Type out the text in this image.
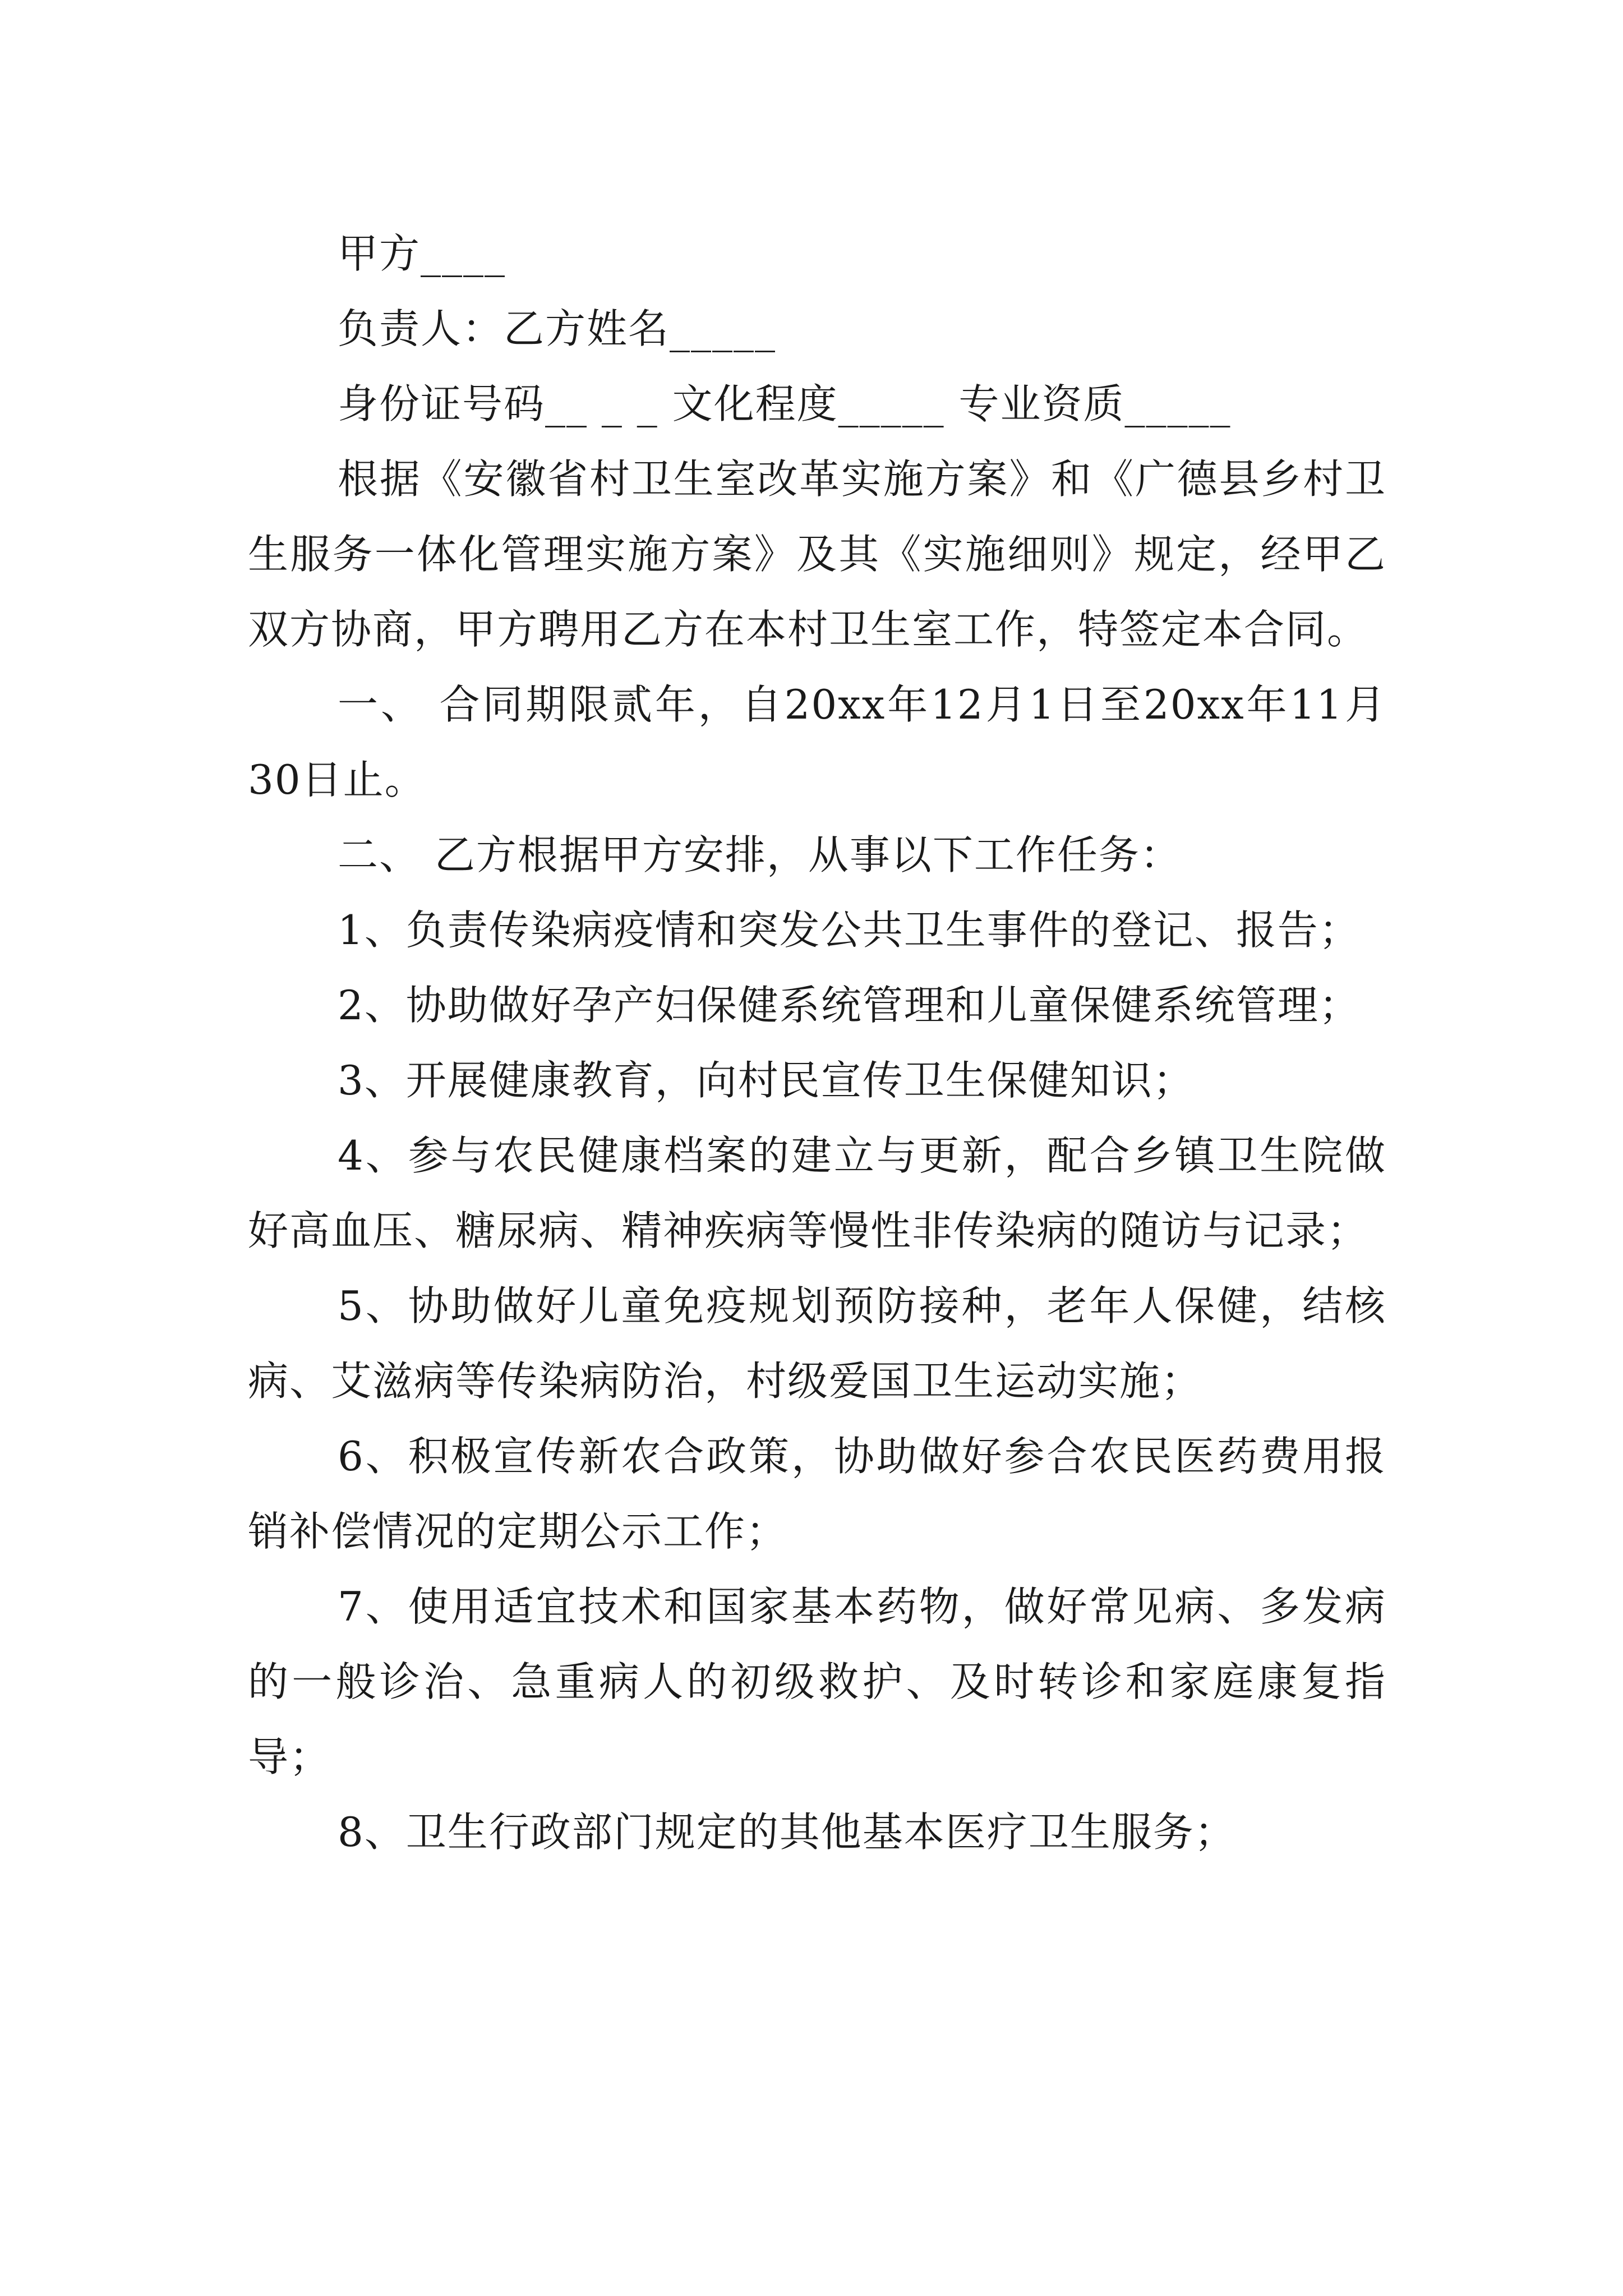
甲方____

负责人：乙方姓名_____

身份证号码__ _ _ 文化程度_____ 专业资质_____

根据《安徽省村卫生室改革实施方案》和《广德县乡村卫生服务一体化管理实施方案》及其《实施细则》规定，经甲乙双方协商，甲方聘用乙方在本村卫生室工作，特签定本合同。

一、 合同期限贰年，自20xx年12月1日至20xx年11月30日止。

二、 乙方根据甲方安排，从事以下工作任务：

1、负责传染病疫情和突发公共卫生事件的登记、报告；

2、协助做好孕产妇保健系统管理和儿童保健系统管理；

3、开展健康教育，向村民宣传卫生保健知识；

4、参与农民健康档案的建立与更新，配合乡镇卫生院做好高血压、糖尿病、精神疾病等慢性非传染病的随访与记录；

5、协助做好儿童免疫规划预防接种，老年人保健，结核病、艾滋病等传染病防治，村级爱国卫生运动实施；

6、积极宣传新农合政策，协助做好参合农民医药费用报销补偿情况的定期公示工作；

7、使用适宜技术和国家基本药物，做好常见病、多发病的一般诊治、急重病人的初级救护、及时转诊和家庭康复指导；

8、卫生行政部门规定的其他基本医疗卫生服务；
